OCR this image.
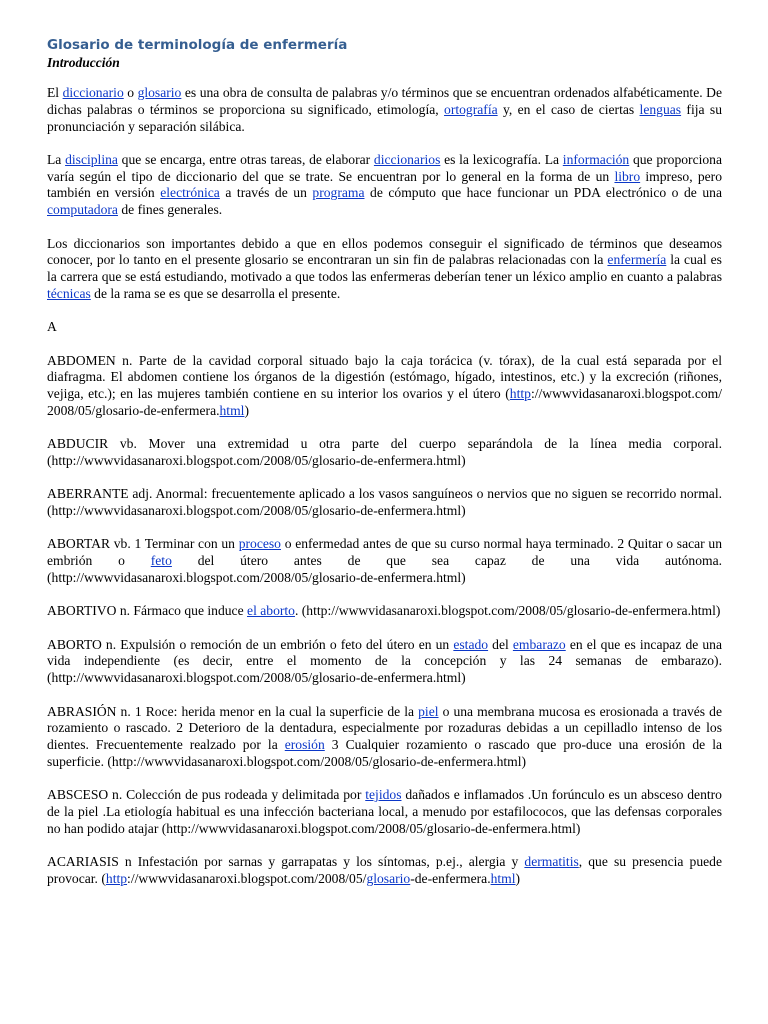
Glosario de terminología de enfermería
Introducción

El diccionario o glosario es una obra de consulta de palabras y/o términos que se encuentran ordenados alfabéticamente. De dichas palabras o términos se proporciona su significado, etimología, ortografía y, en el caso de ciertas lenguas fija su pronunciación y separación silábica.

La disciplina que se encarga, entre otras tareas, de elaborar diccionarios es la lexicografía. La información que proporciona varía según el tipo de diccionario del que se trate. Se encuentran por lo general en la forma de un libro impreso, pero también en versión electrónica a través de un programa de cómputo que hace funcionar un PDA electrónico o de una computadora de fines generales.

Los diccionarios son importantes debido a que en ellos podemos conseguir el significado de términos que deseamos conocer, por lo tanto en el presente glosario se encontraran un sin fin de palabras relacionadas con la enfermería la cual es la carrera que se está estudiando, motivado a que todos las enfermeras deberían tener un léxico amplio en cuanto a palabras técnicas de la rama se es que se desarrolla el presente.

A

ABDOMEN n. Parte de la cavidad corporal situado bajo la caja torácica (v. tórax), de la cual está separada por el diafragma. El abdomen contiene los órganos de la digestión (estómago, hígado, intestinos, etc.) y la excreción (riñones, vejiga, etc.); en las mujeres también contiene en su interior los ovarios y el útero (http://wwwvidasanaroxi.blogspot.com/ 2008/05/glosario-de-enfermera.html)

ABDUCIR vb. Mover una extremidad u otra parte del cuerpo separándola de la línea media corporal. (http://wwwvidasanaroxi.blogspot.com/2008/05/glosario-de-enfermera.html)

ABERRANTE adj. Anormal: frecuentemente aplicado a los vasos sanguíneos o nervios que no siguen se recorrido normal. (http://wwwvidasanaroxi.blogspot.com/2008/05/glosario-de-enfermera.html)

ABORTAR vb. 1 Terminar con un proceso o enfermedad antes de que su curso normal haya terminado. 2 Quitar o sacar un embrión o feto del útero antes de que sea capaz de una vida autónoma. (http://wwwvidasanaroxi.blogspot.com/2008/05/glosario-de-enfermera.html)

ABORTIVO n. Fármaco que induce el aborto. (http://wwwvidasanaroxi.blogspot.com/2008/05/glosario-de-enfermera.html)

ABORTO n. Expulsión o remoción de un embrión o feto del útero en un estado del embarazo en el que es incapaz de una vida independiente (es decir, entre el momento de la concepción y las 24 semanas de embarazo). (http://wwwvidasanaroxi.blogspot.com/2008/05/glosario-de-enfermera.html)

ABRASIÓN n. 1 Roce: herida menor en la cual la superficie de la piel o una membrana mucosa es erosionada a través de rozamiento o rascado. 2 Deterioro de la dentadura, especialmente por rozaduras debidas a un cepilladlo intenso de los dientes. Frecuentemente realzado por la erosión 3 Cualquier rozamiento o rascado que pro-duce una erosión de la superficie. (http://wwwvidasanaroxi.blogspot.com/2008/05/glosario-de-enfermera.html)

ABSCESO n. Colección de pus rodeada y delimitada por tejidos dañados e inflamados .Un forúnculo es un absceso dentro de la piel .La etiología habitual es una infección bacteriana local, a menudo por estafilococos, que las defensas corporales no han podido atajar (http://wwwvidasanaroxi.blogspot.com/2008/05/glosario-de-enfermera.html)

ACARIASIS n Infestación por sarnas y garrapatas y los síntomas, p.ej., alergia y dermatitis, que su presencia puede provocar. (http://wwwvidasanaroxi.blogspot.com/2008/05/glosario-de-enfermera.html)
